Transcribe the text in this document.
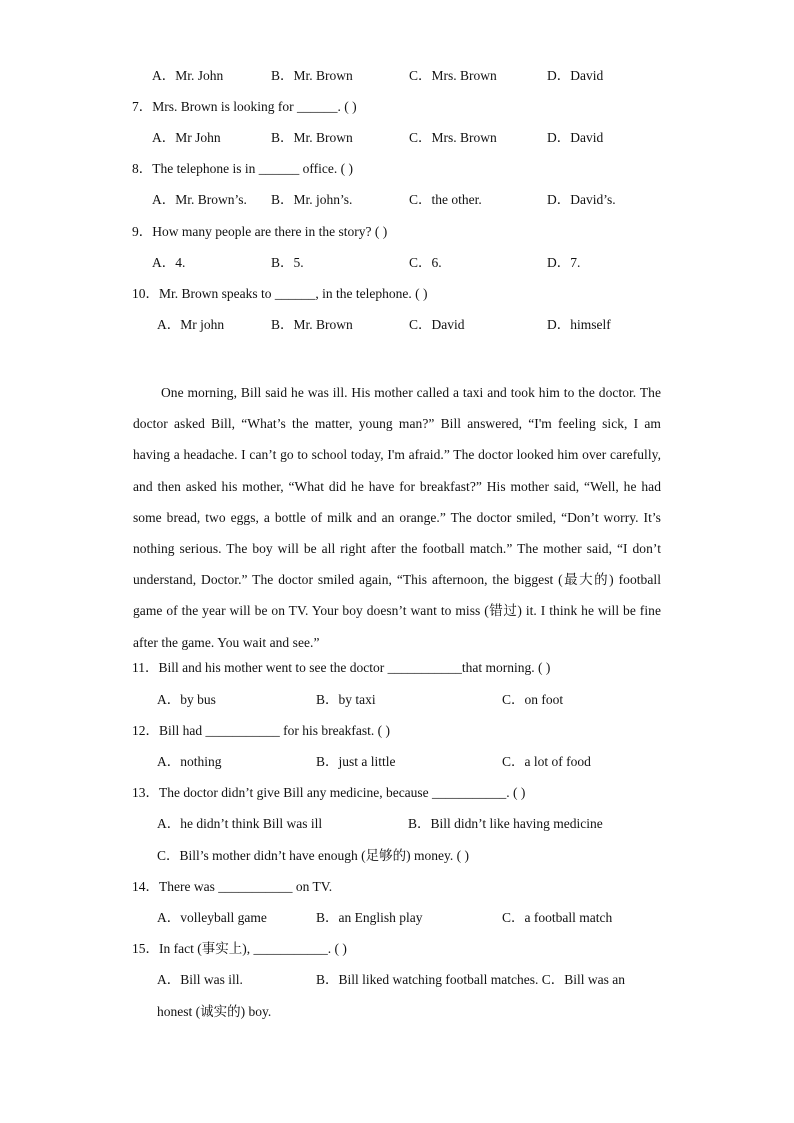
A．Mr. John	B．Mr. Brown	C．Mrs. Brown	D．David
7．Mrs. Brown is looking for ______. ( )
A．Mr John	B．Mr. Brown	C．Mrs. Brown	D．David
8．The telephone is in ______ office. ( )
A．Mr. Brown’s. B．Mr. john’s.	C．the other.	D．David’s.
9．How many people are there in the story? ( )
A．4.	B．5.	C．6.	D．7.
10．Mr. Brown speaks to ______, in the telephone. ( )
A．Mr john	B．Mr. Brown	C．David	D．himself
One morning, Bill said he was ill. His mother called a taxi and took him to the doctor. The doctor asked Bill, “What’s the matter, young man?” Bill answered, “I'm feeling sick, I am having a headache. I can’t go to school today, I'm afraid.” The doctor looked him over carefully, and then asked his mother, “What did he have for breakfast?” His mother said, “Well, he had some bread, two eggs, a bottle of milk and an orange.” The doctor smiled, “Don’t worry. It’s nothing serious. The boy will be all right after the football match.” The mother said, “I don’t understand, Doctor.” The doctor smiled again, “This afternoon, the biggest (最大的) football game of the year will be on TV. Your boy doesn’t want to miss (错过) it. I think he will be fine after the game. You wait and see.”
11．Bill and his mother went to see the doctor ___________that morning. ( )
A．by bus	B．by taxi	C．on foot
12．Bill had ___________ for his breakfast. ( )
A．nothing	B．just a little	C．a lot of food
13．The doctor didn’t give Bill any medicine, because ___________. ( )
A．he didn’t think Bill was ill	B．Bill didn’t like having medicine
C．Bill’s mother didn’t have enough (足够的) money. ( )
14．There was ___________ on TV.
A．volleyball game	B．an English play	C．a football match
15．In fact (事实上), ___________. ( )
A．Bill was ill.	B．Bill liked watching football matches. C．Bill was an
honest (诚实的) boy.
